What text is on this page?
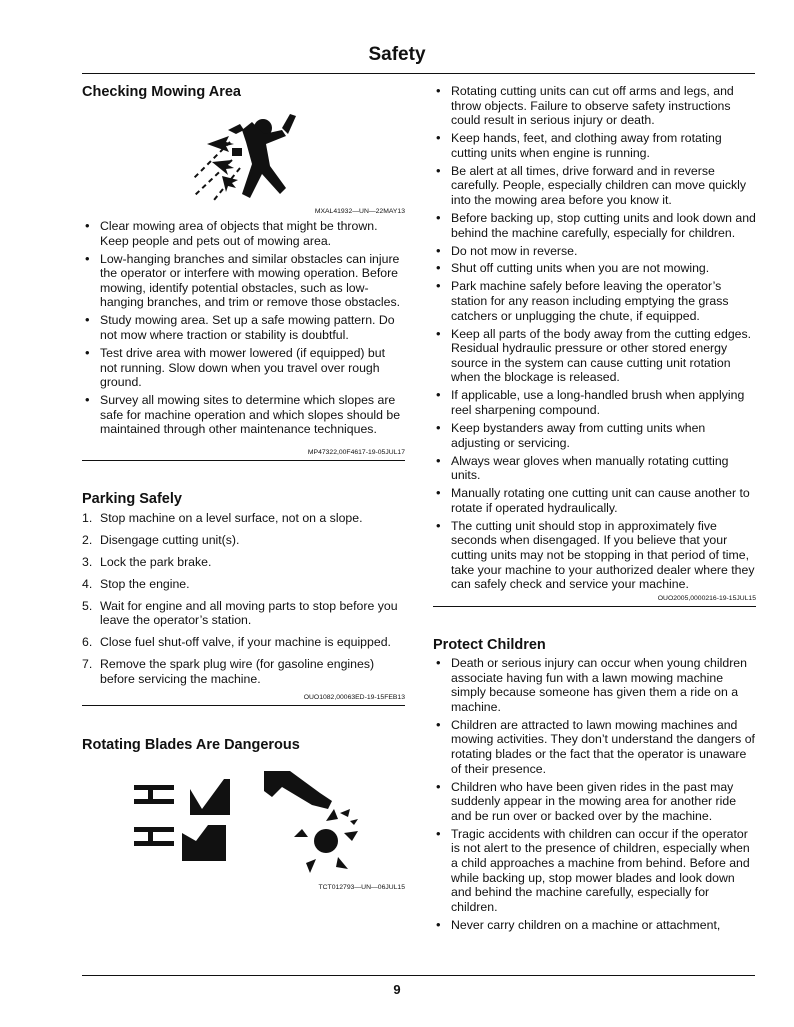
Safety
Checking Mowing Area
MXAL41932—UN—22MAY13
• Clear mowing area of objects that might be thrown. Keep people and pets out of mowing area.
• Low-hanging branches and similar obstacles can injure the operator or interfere with mowing operation. Before mowing, identify potential obstacles, such as low-hanging branches, and trim or remove those obstacles.
• Study mowing area. Set up a safe mowing pattern. Do not mow where traction or stability is doubtful.
• Test drive area with mower lowered (if equipped) but not running. Slow down when you travel over rough ground.
• Survey all mowing sites to determine which slopes are safe for machine operation and which slopes should be maintained through other maintenance techniques.
MP47322,00F4617-19-05JUL17
Parking Safely
1. Stop machine on a level surface, not on a slope.
2. Disengage cutting unit(s).
3. Lock the park brake.
4. Stop the engine.
5. Wait for engine and all moving parts to stop before you leave the operator’s station.
6. Close fuel shut-off valve, if your machine is equipped.
7. Remove the spark plug wire (for gasoline engines) before servicing the machine.
OUO1082,00063ED-19-15FEB13
Rotating Blades Are Dangerous
TCT012793—UN—06JUL15
• Rotating cutting units can cut off arms and legs, and throw objects. Failure to observe safety instructions could result in serious injury or death.
• Keep hands, feet, and clothing away from rotating cutting units when engine is running.
• Be alert at all times, drive forward and in reverse carefully. People, especially children can move quickly into the mowing area before you know it.
• Before backing up, stop cutting units and look down and behind the machine carefully, especially for children.
• Do not mow in reverse.
• Shut off cutting units when you are not mowing.
• Park machine safely before leaving the operator’s station for any reason including emptying the grass catchers or unplugging the chute, if equipped.
• Keep all parts of the body away from the cutting edges. Residual hydraulic pressure or other stored energy source in the system can cause cutting unit rotation when the blockage is released.
• If applicable, use a long-handled brush when applying reel sharpening compound.
• Keep bystanders away from cutting units when adjusting or servicing.
• Always wear gloves when manually rotating cutting units.
• Manually rotating one cutting unit can cause another to rotate if operated hydraulically.
• The cutting unit should stop in approximately five seconds when disengaged. If you believe that your cutting units may not be stopping in that period of time, take your machine to your authorized dealer where they can safely check and service your machine.
OUO2005,0000216-19-15JUL15
Protect Children
• Death or serious injury can occur when young children associate having fun with a lawn mowing machine simply because someone has given them a ride on a machine.
• Children are attracted to lawn mowing machines and mowing activities. They don’t understand the dangers of rotating blades or the fact that the operator is unaware of their presence.
• Children who have been given rides in the past may suddenly appear in the mowing area for another ride and be run over or backed over by the machine.
• Tragic accidents with children can occur if the operator is not alert to the presence of children, especially when a child approaches a machine from behind. Before and while backing up, stop mower blades and look down and behind the machine carefully, especially for children.
• Never carry children on a machine or attachment,
9
